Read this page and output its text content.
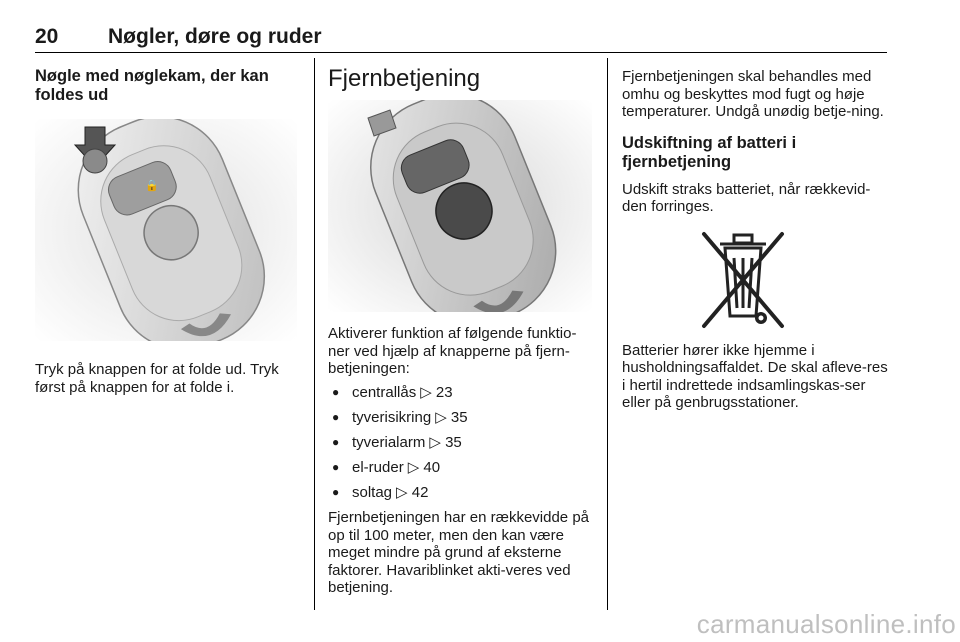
20 Nøgler, døre og ruder
Nøgle med nøglekam, der kan foldes ud
🔒

Tryk på knappen for at folde ud. Tryk først på knappen for at folde i.

Fjernbetjening

Aktiverer funktion af følgende funktio-ner ved hjælp af knapperne på fjern-betjeningen:

● centrallås ▷ 23
● tyverisikring ▷ 35
● tyverialarm ▷ 35
● el-ruder ▷ 40
● soltag ▷ 42

Fjernbetjeningen har en rækkevidde på op til 100 meter, men den kan være meget mindre på grund af eksterne faktorer. Havariblinket akti-veres ved betjening.

Fjernbetjeningen skal behandles med omhu og beskyttes mod fugt og høje temperaturer. Undgå unødig betje-ning.

Udskiftning af batteri i fjernbetjening

Udskift straks batteriet, når rækkevid-den forringes.

Batterier hører ikke hjemme i husholdningsaffaldet. De skal afleve-res i hertil indrettede indsamlingskas-ser eller på genbrugsstationer.

carmanualsonline.info
